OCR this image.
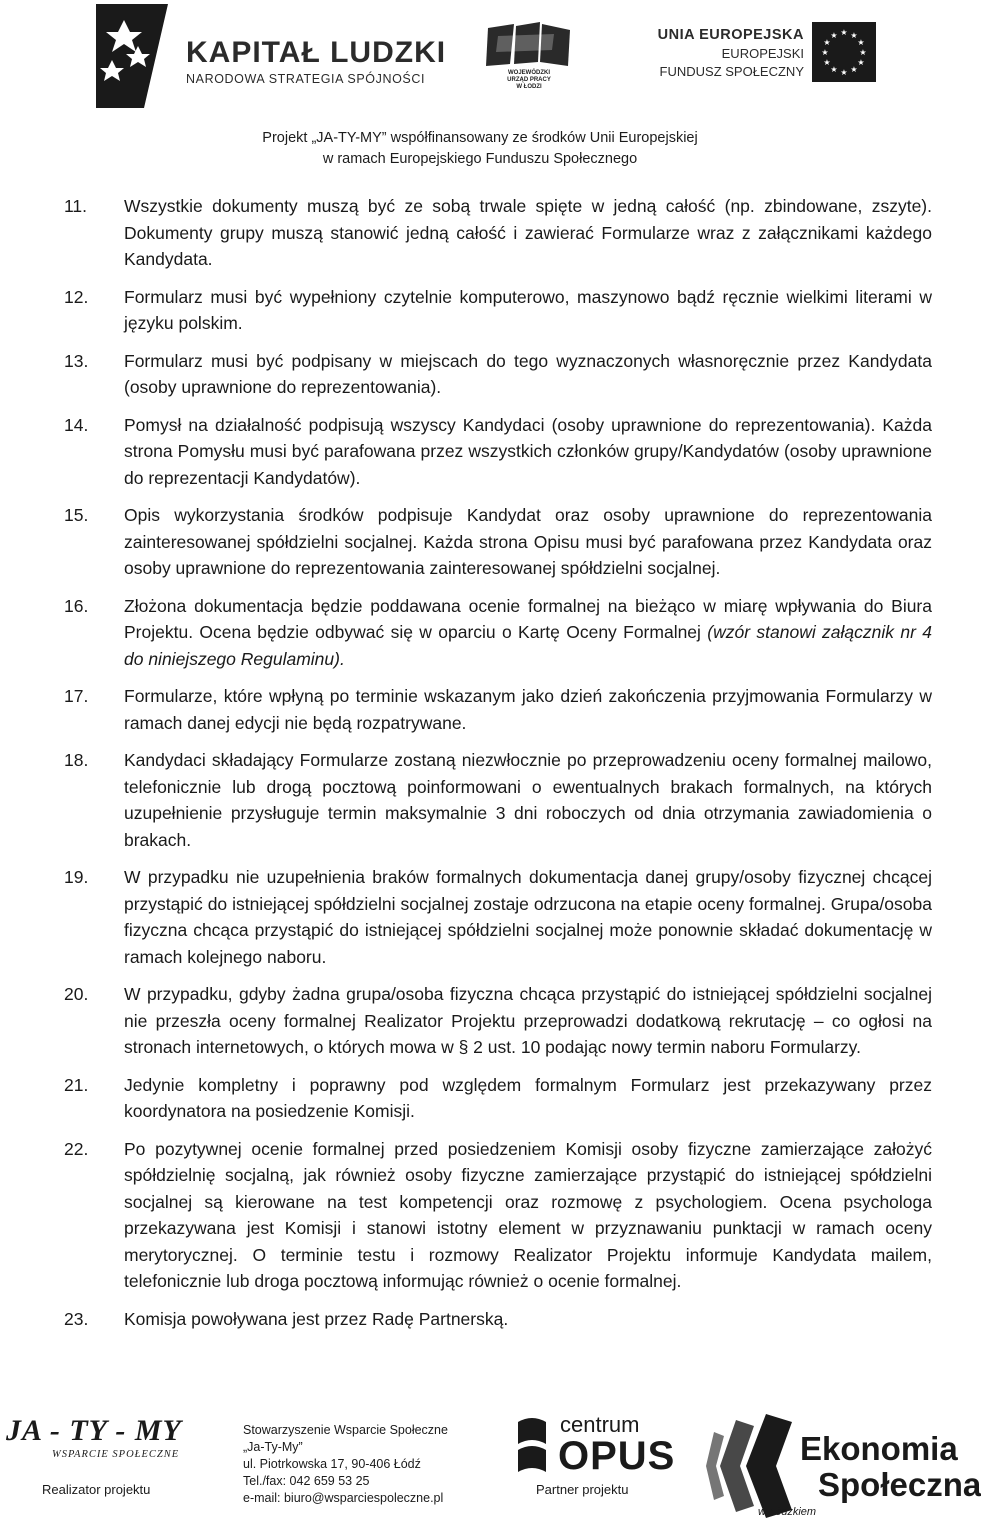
KAPITAŁ LUDZKI
NARODOWA STRATEGIA SPÓJNOŚCI	WOJEWÓDZKI
URZĄD PRACY
W ŁODZI
UNIA EUROPEJSKA
EUROPEJSKI
FUNDUSZ SPOŁECZNY
★ ★
★
★
★
★
★
★
★
★
★
★
Projekt „JA-TY-MY” współfinansowany ze środków Unii Europejskiej
w ramach Europejskiego Funduszu Społecznego
11.	Wszystkie dokumenty muszą być ze sobą trwale spięte w jedną całość (np. zbindowane, zszyte). Dokumenty grupy muszą stanowić jedną całość i zawierać Formularze wraz z załącznikami każdego Kandydata.
12.	Formularz musi być wypełniony czytelnie komputerowo, maszynowo bądź ręcznie wielkimi literami w języku polskim.
13.	Formularz musi być podpisany w miejscach do tego wyznaczonych własnoręcznie przez Kandydata (osoby uprawnione do reprezentowania).
14.	Pomysł na działalność podpisują wszyscy Kandydaci (osoby uprawnione do reprezentowania). Każda strona Pomysłu musi być parafowana przez wszystkich członków grupy/Kandydatów (osoby uprawnione do reprezentacji Kandydatów).
15.	Opis wykorzystania środków podpisuje Kandydat oraz osoby uprawnione do reprezentowania zainteresowanej spółdzielni socjalnej. Każda strona Opisu musi być parafowana przez Kandydata oraz osoby uprawnione do reprezentowania zainteresowanej spółdzielni socjalnej.
16.	Złożona dokumentacja będzie poddawana ocenie formalnej na bieżąco w miarę wpływania do Biura Projektu. Ocena będzie odbywać się w oparciu o Kartę Oceny Formalnej (wzór stanowi załącznik nr 4 do niniejszego Regulaminu).
17.	Formularze, które wpłyną po terminie wskazanym jako dzień zakończenia przyjmowania Formularzy w ramach danej edycji nie będą rozpatrywane.
18.	Kandydaci składający Formularze zostaną niezwłocznie po przeprowadzeniu oceny formalnej mailowo, telefonicznie lub drogą pocztową poinformowani o ewentualnych brakach formalnych, na których uzupełnienie przysługuje termin maksymalnie 3 dni roboczych od dnia otrzymania zawiadomienia o brakach.
19.	W przypadku nie uzupełnienia braków formalnych dokumentacja danej grupy/osoby fizycznej chcącej przystąpić do istniejącej spółdzielni socjalnej zostaje odrzucona na etapie oceny formalnej. Grupa/osoba fizyczna chcąca przystąpić do istniejącej spółdzielni socjalnej może ponownie składać dokumentację w ramach kolejnego naboru.
20.	W przypadku, gdyby żadna grupa/osoba fizyczna chcąca przystąpić do istniejącej spółdzielni socjalnej nie przeszła oceny formalnej Realizator Projektu przeprowadzi dodatkową rekrutację – co ogłosi na stronach internetowych, o których mowa w § 2 ust. 10 podając nowy termin naboru Formularzy.
21.	Jedynie kompletny i poprawny pod względem formalnym Formularz jest przekazywany przez koordynatora na posiedzenie Komisji.
22.	Po pozytywnej ocenie formalnej przed posiedzeniem Komisji osoby fizyczne zamierzające założyć spółdzielnię socjalną, jak również osoby fizyczne zamierzające przystąpić do istniejącej spółdzielni socjalnej są kierowane na test kompetencji oraz rozmowę z psychologiem. Ocena psychologa przekazywana jest Komisji i stanowi istotny element w przyznawaniu punktacji w ramach oceny merytorycznej. O terminie testu i rozmowy Realizator Projektu informuje Kandydata mailem, telefonicznie lub droga pocztową informując również o ocenie formalnej.
23.	Komisja powoływana jest przez Radę Partnerską.
JA - TY - MY
WSPARCIE SPOŁECZNE
Realizator projektu
Stowarzyszenie Wsparcie Społeczne
„Ja-Ty-My”
ul. Piotrkowska 17, 90-406 Łódź
Tel./fax: 042 659 53 25
e-mail: biuro@wsparciespoleczne.pl
centrum
OPUS
Partner projektu
Ekonomia
Społeczna
w Łódzkiem
